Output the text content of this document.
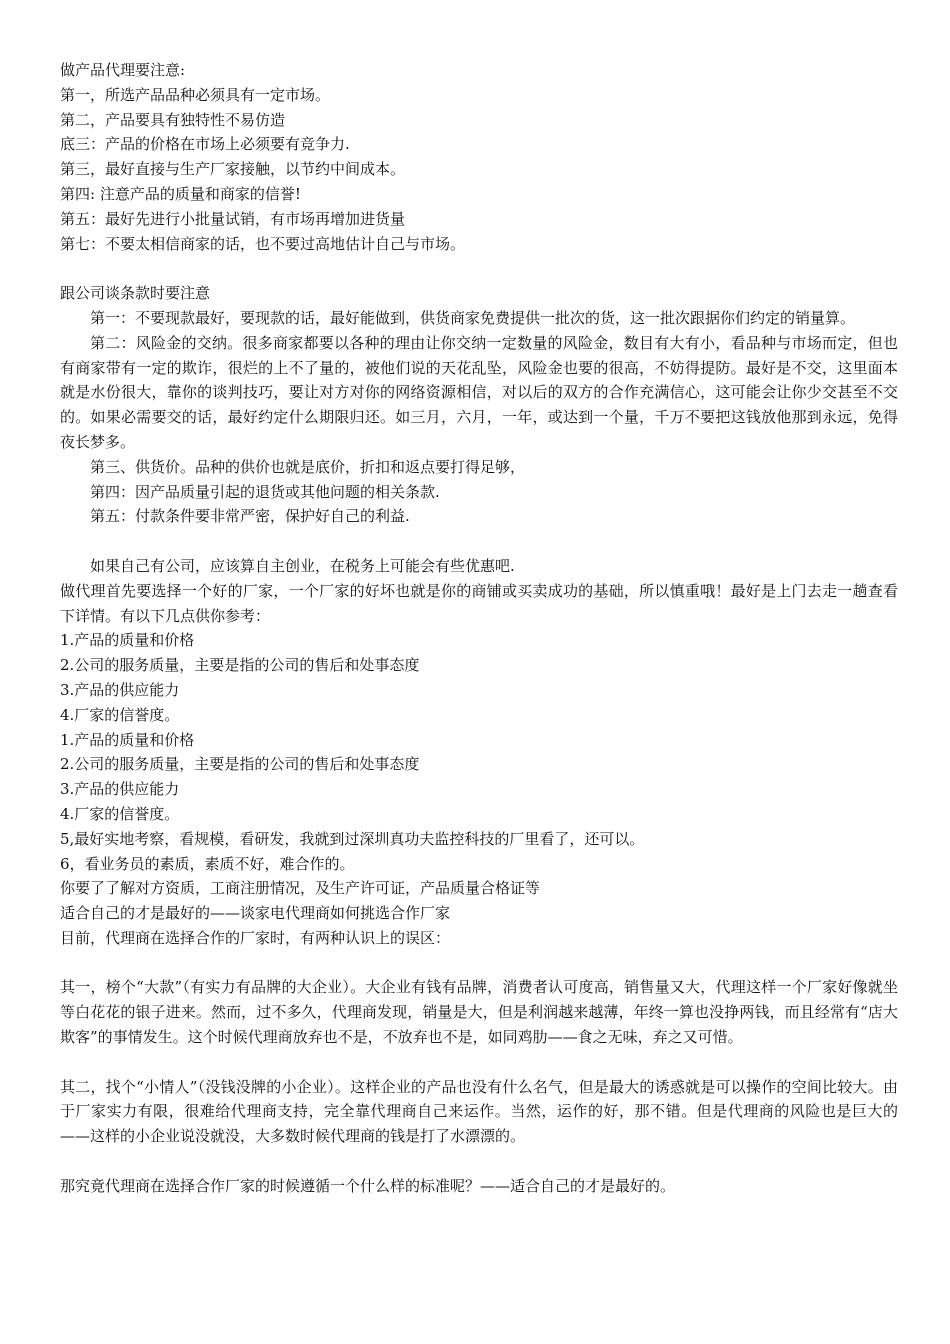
做产品代理要注意:

第一，所选产品品种必须具有一定市场。

第二，产品要具有独特性不易仿造

底三：产品的价格在市场上必须要有竞争力.

第三，最好直接与生产厂家接触，以节约中间成本。

第四: 注意产品的质量和商家的信誉!

第五：最好先进行小批量试销，有市场再增加进货量

第七：不要太相信商家的话，也不要过高地估计自己与市场。

跟公司谈条款时要注意

第一：不要现款最好，要现款的话，最好能做到，供货商家免费提供一批次的货，这一批次跟据你们约定的销量算。

第二：风险金的交纳。很多商家都要以各种的理由让你交纳一定数量的风险金，数目有大有小，看品种与市场而定，但也有商家带有一定的欺诈，很烂的上不了量的，被他们说的天花乱坠，风险金也要的很高，不妨得提防。最好是不交，这里面本就是水份很大，靠你的谈判技巧，要让对方对你的网络资源相信，对以后的双方的合作充满信心，这可能会让你少交甚至不交的。如果必需要交的话，最好约定什么期限归还。如三月，六月，一年，或达到一个量，千万不要把这钱放他那到永远，免得夜长梦多。

第三、供货价。品种的供价也就是底价，折扣和返点要打得足够，

第四：因产品质量引起的退货或其他问题的相关条款.

第五：付款条件要非常严密，保护好自己的利益.

如果自己有公司，应该算自主创业，在税务上可能会有些优惠吧.

做代理首先要选择一个好的厂家，一个厂家的好坏也就是你的商铺或买卖成功的基础，所以慎重哦！最好是上门去走一趟查看下详情。有以下几点供你参考：

1.产品的质量和价格

2.公司的服务质量，主要是指的公司的售后和处事态度

3.产品的供应能力

4.厂家的信誉度。

1.产品的质量和价格

2.公司的服务质量，主要是指的公司的售后和处事态度

3.产品的供应能力

4.厂家的信誉度。

5,最好实地考察，看规模，看研发，我就到过深圳真功夫监控科技的厂里看了，还可以。

6，看业务员的素质，素质不好，难合作的。

你要了了解对方资质，工商注册情况，及生产许可证，产品质量合格证等

适合自己的才是最好的——谈家电代理商如何挑选合作厂家

目前，代理商在选择合作的厂家时，有两种认识上的误区：

其一，榜个“大款”（有实力有品牌的大企业）。大企业有钱有品牌，消费者认可度高，销售量又大，代理这样一个厂家好像就坐等白花花的银子进来。然而，过不多久，代理商发现，销量是大，但是利润越来越薄，年终一算也没挣两钱，而且经常有“店大欺客”的事情发生。这个时候代理商放弃也不是，不放弃也不是，如同鸡肋——食之无味，弃之又可惜。

其二，找个“小情人”（没钱没牌的小企业）。这样企业的产品也没有什么名气，但是最大的诱惑就是可以操作的空间比较大。由于厂家实力有限，很难给代理商支持，完全靠代理商自己来运作。当然，运作的好，那不错。但是代理商的风险也是巨大的——这样的小企业说没就没，大多数时候代理商的钱是打了水漂漂的。

那究竟代理商在选择合作厂家的时候遵循一个什么样的标准呢？——适合自己的才是最好的。
